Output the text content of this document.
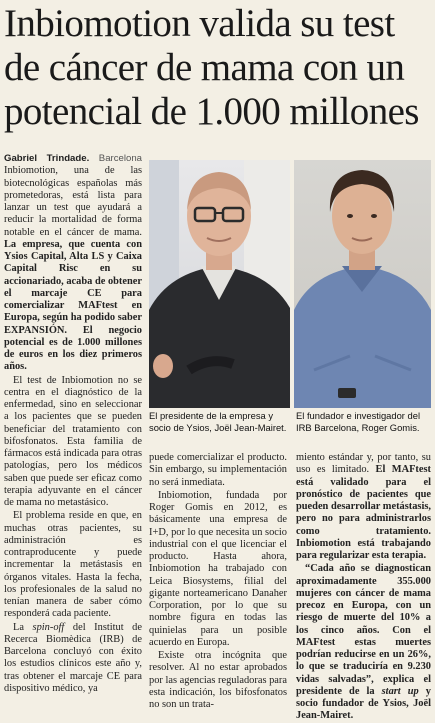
Inbiomotion valida su test
de cáncer de mama con un
potencial de 1.000 millones

Gabriel Trindade. Barcelona Inbiomotion, una de las biotecnológicas españolas más prometedoras, está lista para lanzar un test que ayudará a reducir la mortalidad de forma notable en el cáncer de mama. La empresa, que cuenta con Ysios Capital, Alta LS y Caixa Capital Risc en su accionariado, acaba de obtener el marcaje CE para comercializar MAFtest en Europa, según ha podido saber EXPANSIÓN. El negocio potencial es de 1.000 millones de euros en los diez primeros años.

El test de Inbiomotion no se centra en el diagnóstico de la enfermedad, sino en seleccionar a los pacientes que se pueden beneficiar del tratamiento con bifosfonatos. Esta familia de fármacos está indicada para otras patologías, pero los médicos saben que puede ser eficaz como terapia adyuvante en el cáncer de mama no metastásico.

El problema reside en que, en muchas otras pacientes, su administración es contraproducente y puede incrementar la metástasis en órganos vitales. Hasta la fecha, los profesionales de la salud no tenían manera de saber cómo responderá cada paciente.

La spin-off del Institut de Recerca Biomèdica (IRB) de Barcelona concluyó con éxito los estudios clínicos este año y, tras obtener el marcaje CE para dispositivo médico, ya

El presidente de la empresa y socio de Ysios, Joël Jean-Mairet.
El fundador e investigador del IRB Barcelona, Roger Gomis.

puede comercializar el producto. Sin embargo, su implementación no será inmediata.

Inbiomotion, fundada por Roger Gomis en 2012, es básicamente una empresa de I+D, por lo que necesita un socio industrial con el que licenciar el producto. Hasta ahora, Inbiomotion ha trabajado con Leica Biosystems, filial del gigante norteamericano Danaher Corporation, por lo que su nombre figura en todas las quinielas para un posible acuerdo en Europa.

Existe otra incógnita que resolver. Al no estar aprobados por las agencias reguladoras para esta indicación, los bifosfonatos no son un trata-

miento estándar y, por tanto, su uso es limitado. El MAFtest está validado para el pronóstico de pacientes que pueden desarrollar metástasis, pero no para administrarlos como tratamiento. Inbiomotion está trabajando para regularizar esta terapia.

“Cada año se diagnostican aproximadamente 355.000 mujeres con cáncer de mama precoz en Europa, con un riesgo de muerte del 10% a los cinco años. Con el MAFtest estas muertes podrían reducirse en un 26%, lo que se traduciría en 9.230 vidas salvadas”, explica el presidente de la start up y socio fundador de Ysios, Joël Jean-Mairet.
